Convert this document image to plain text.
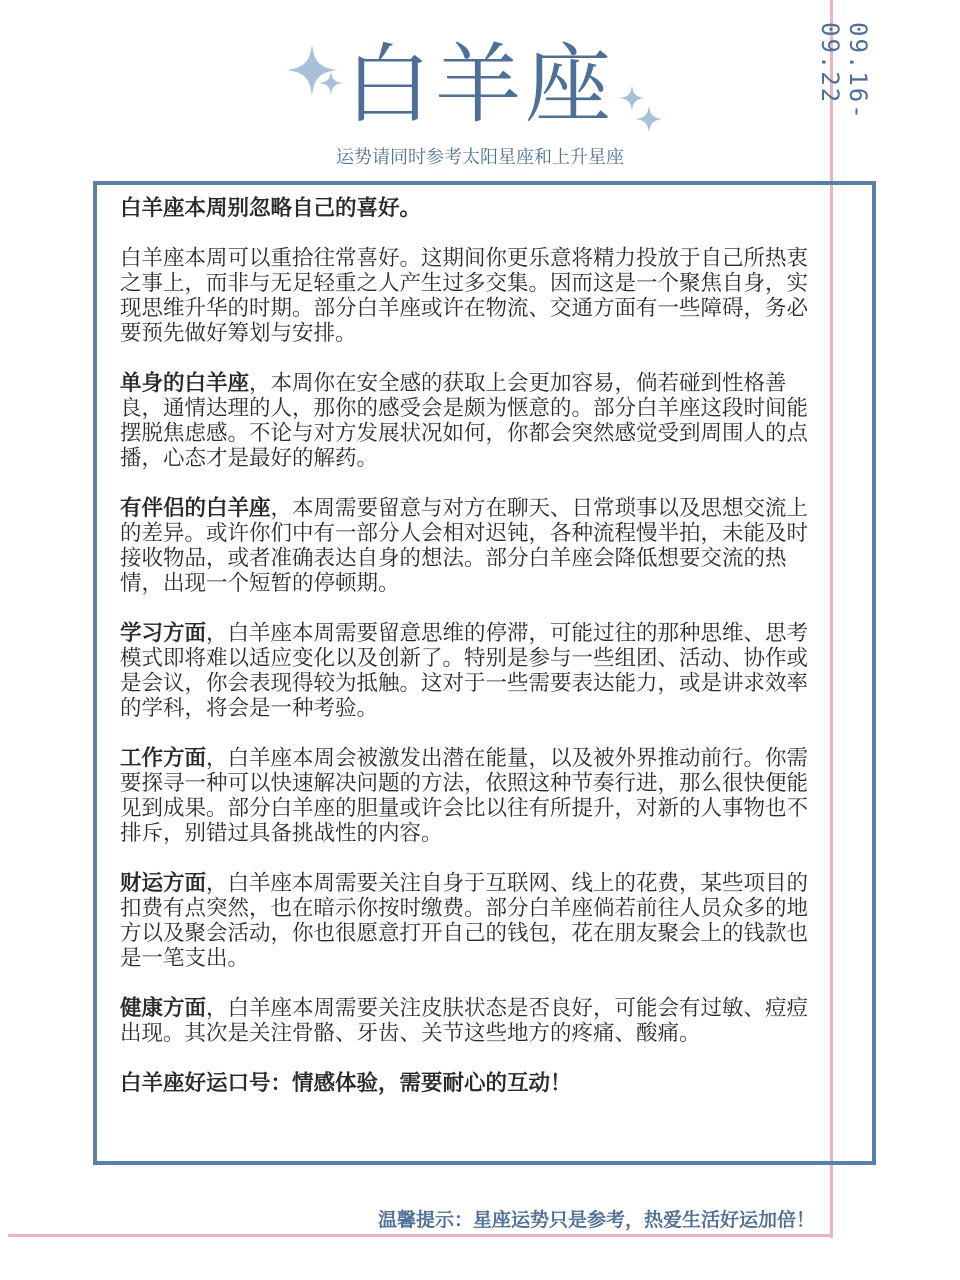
09.16-09.22
白羊座
运势请同时参考太阳星座和上升星座

白羊座本周别忽略自己的喜好。

白羊座本周可以重拾往常喜好。这期间你更乐意将精力投放于自己所热衷之事上，而非与无足轻重之人产生过多交集。因而这是一个聚焦自身，实现思维升华的时期。部分白羊座或许在物流、交通方面有一些障碍，务必要预先做好筹划与安排。

单身的白羊座，本周你在安全感的获取上会更加容易，倘若碰到性格善良，通情达理的人，那你的感受会是颇为惬意的。部分白羊座这段时间能摆脱焦虑感。不论与对方发展状况如何，你都会突然感觉受到周围人的点播，心态才是最好的解药。

有伴侣的白羊座，本周需要留意与对方在聊天、日常琐事以及思想交流上的差异。或许你们中有一部分人会相对迟钝，各种流程慢半拍，未能及时接收物品，或者准确表达自身的想法。部分白羊座会降低想要交流的热情，出现一个短暂的停顿期。

学习方面，白羊座本周需要留意思维的停滞，可能过往的那种思维、思考模式即将难以适应变化以及创新了。特别是参与一些组团、活动、协作或是会议，你会表现得较为抵触。这对于一些需要表达能力，或是讲求效率的学科，将会是一种考验。

工作方面，白羊座本周会被激发出潜在能量，以及被外界推动前行。你需要探寻一种可以快速解决问题的方法，依照这种节奏行进，那么很快便能见到成果。部分白羊座的胆量或许会比以往有所提升，对新的人事物也不排斥，别错过具备挑战性的内容。

财运方面，白羊座本周需要关注自身于互联网、线上的花费，某些项目的扣费有点突然，也在暗示你按时缴费。部分白羊座倘若前往人员众多的地方以及聚会活动，你也很愿意打开自己的钱包，花在朋友聚会上的钱款也是一笔支出。

健康方面，白羊座本周需要关注皮肤状态是否良好，可能会有过敏、痘痘出现。其次是关注骨骼、牙齿、关节这些地方的疼痛、酸痛。

白羊座好运口号：情感体验，需要耐心的互动！

温馨提示：星座运势只是参考，热爱生活好运加倍！
